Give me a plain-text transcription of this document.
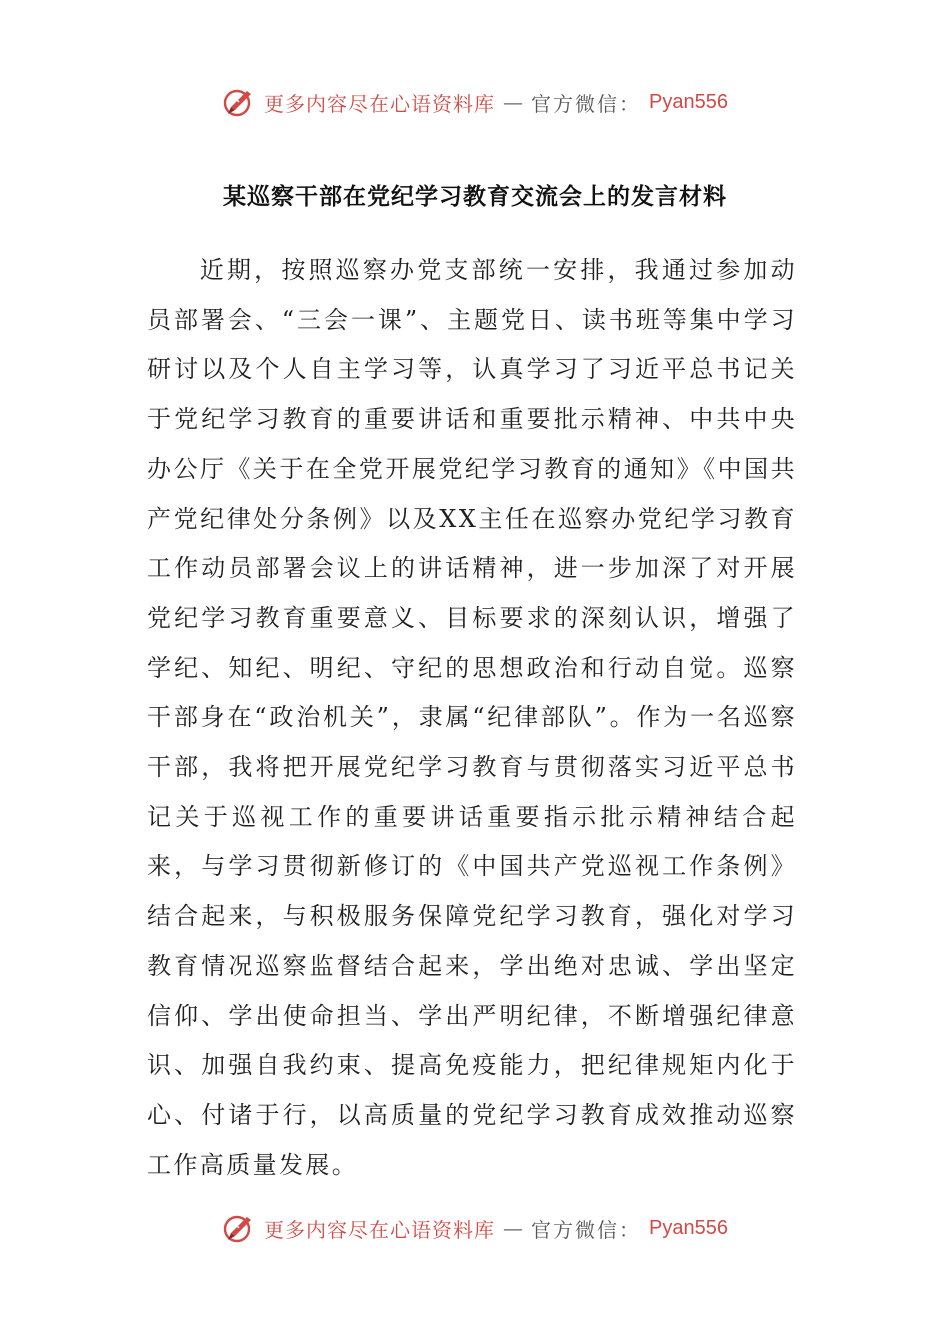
更多内容尽在心语资料库 — 官方微信： Pyan556
某巡察干部在党纪学习教育交流会上的发言材料

近期，按照巡察办党支部统一安排，我通过参加动员部署会、“三会一课”、主题党日、读书班等集中学习研讨以及个人自主学习等，认真学习了习近平总书记关于党纪学习教育的重要讲话和重要批示精神、中共中央办公厅《关于在全党开展党纪学习教育的通知》《中国共产党纪律处分条例》以及XX主任在巡察办党纪学习教育工作动员部署会议上的讲话精神，进一步加深了对开展党纪学习教育重要意义、目标要求的深刻认识，增强了学纪、知纪、明纪、守纪的思想政治和行动自觉。巡察干部身在“政治机关”，隶属“纪律部队”。作为一名巡察干部，我将把开展党纪学习教育与贯彻落实习近平总书记关于巡视工作的重要讲话重要指示批示精神结合起来，与学习贯彻新修订的《中国共产党巡视工作条例》结合起来，与积极服务保障党纪学习教育，强化对学习教育情况巡察监督结合起来，学出绝对忠诚、学出坚定信仰、学出使命担当、学出严明纪律，不断增强纪律意识、加强自我约束、提高免疫能力，把纪律规矩内化于心、付诸于行，以高质量的党纪学习教育成效推动巡察工作高质量发展。

更多内容尽在心语资料库 — 官方微信： Pyan556
